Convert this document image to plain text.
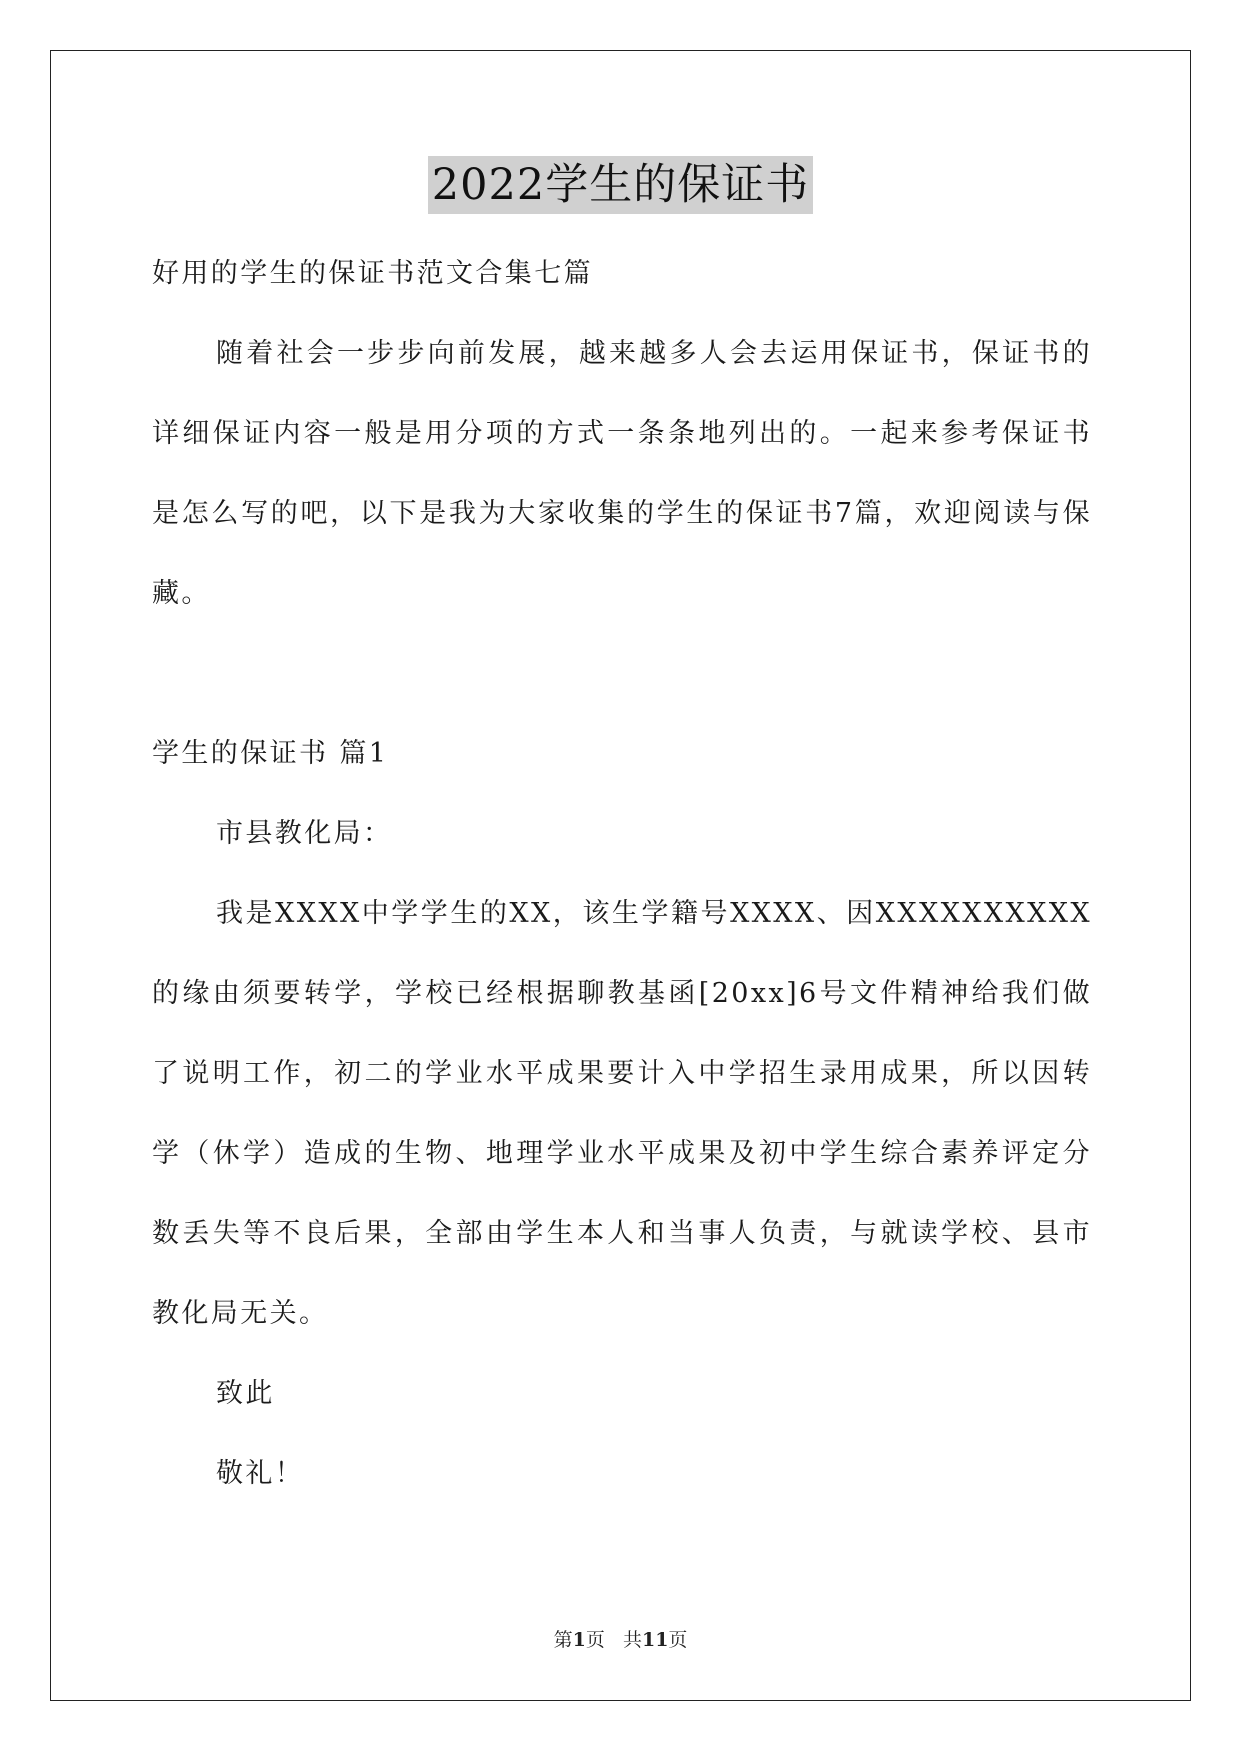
2022学生的保证书

好用的学生的保证书范文合集七篇

随着社会一步步向前发展，越来越多人会去运用保证书，保证书的详细保证内容一般是用分项的方式一条条地列出的。一起来参考保证书是怎么写的吧，以下是我为大家收集的学生的保证书7篇，欢迎阅读与保藏。

学生的保证书 篇1

市县教化局：

我是XXXX中学学生的XX，该生学籍号XXXX、因XXXXXXXXXX的缘由须要转学，学校已经根据聊教基函[20xx]6号文件精神给我们做了说明工作，初二的学业水平成果要计入中学招生录用成果，所以因转学（休学）造成的生物、地理学业水平成果及初中学生综合素养评定分数丢失等不良后果，全部由学生本人和当事人负责，与就读学校、县市教化局无关。

致此

敬礼！

第1页 共11页
